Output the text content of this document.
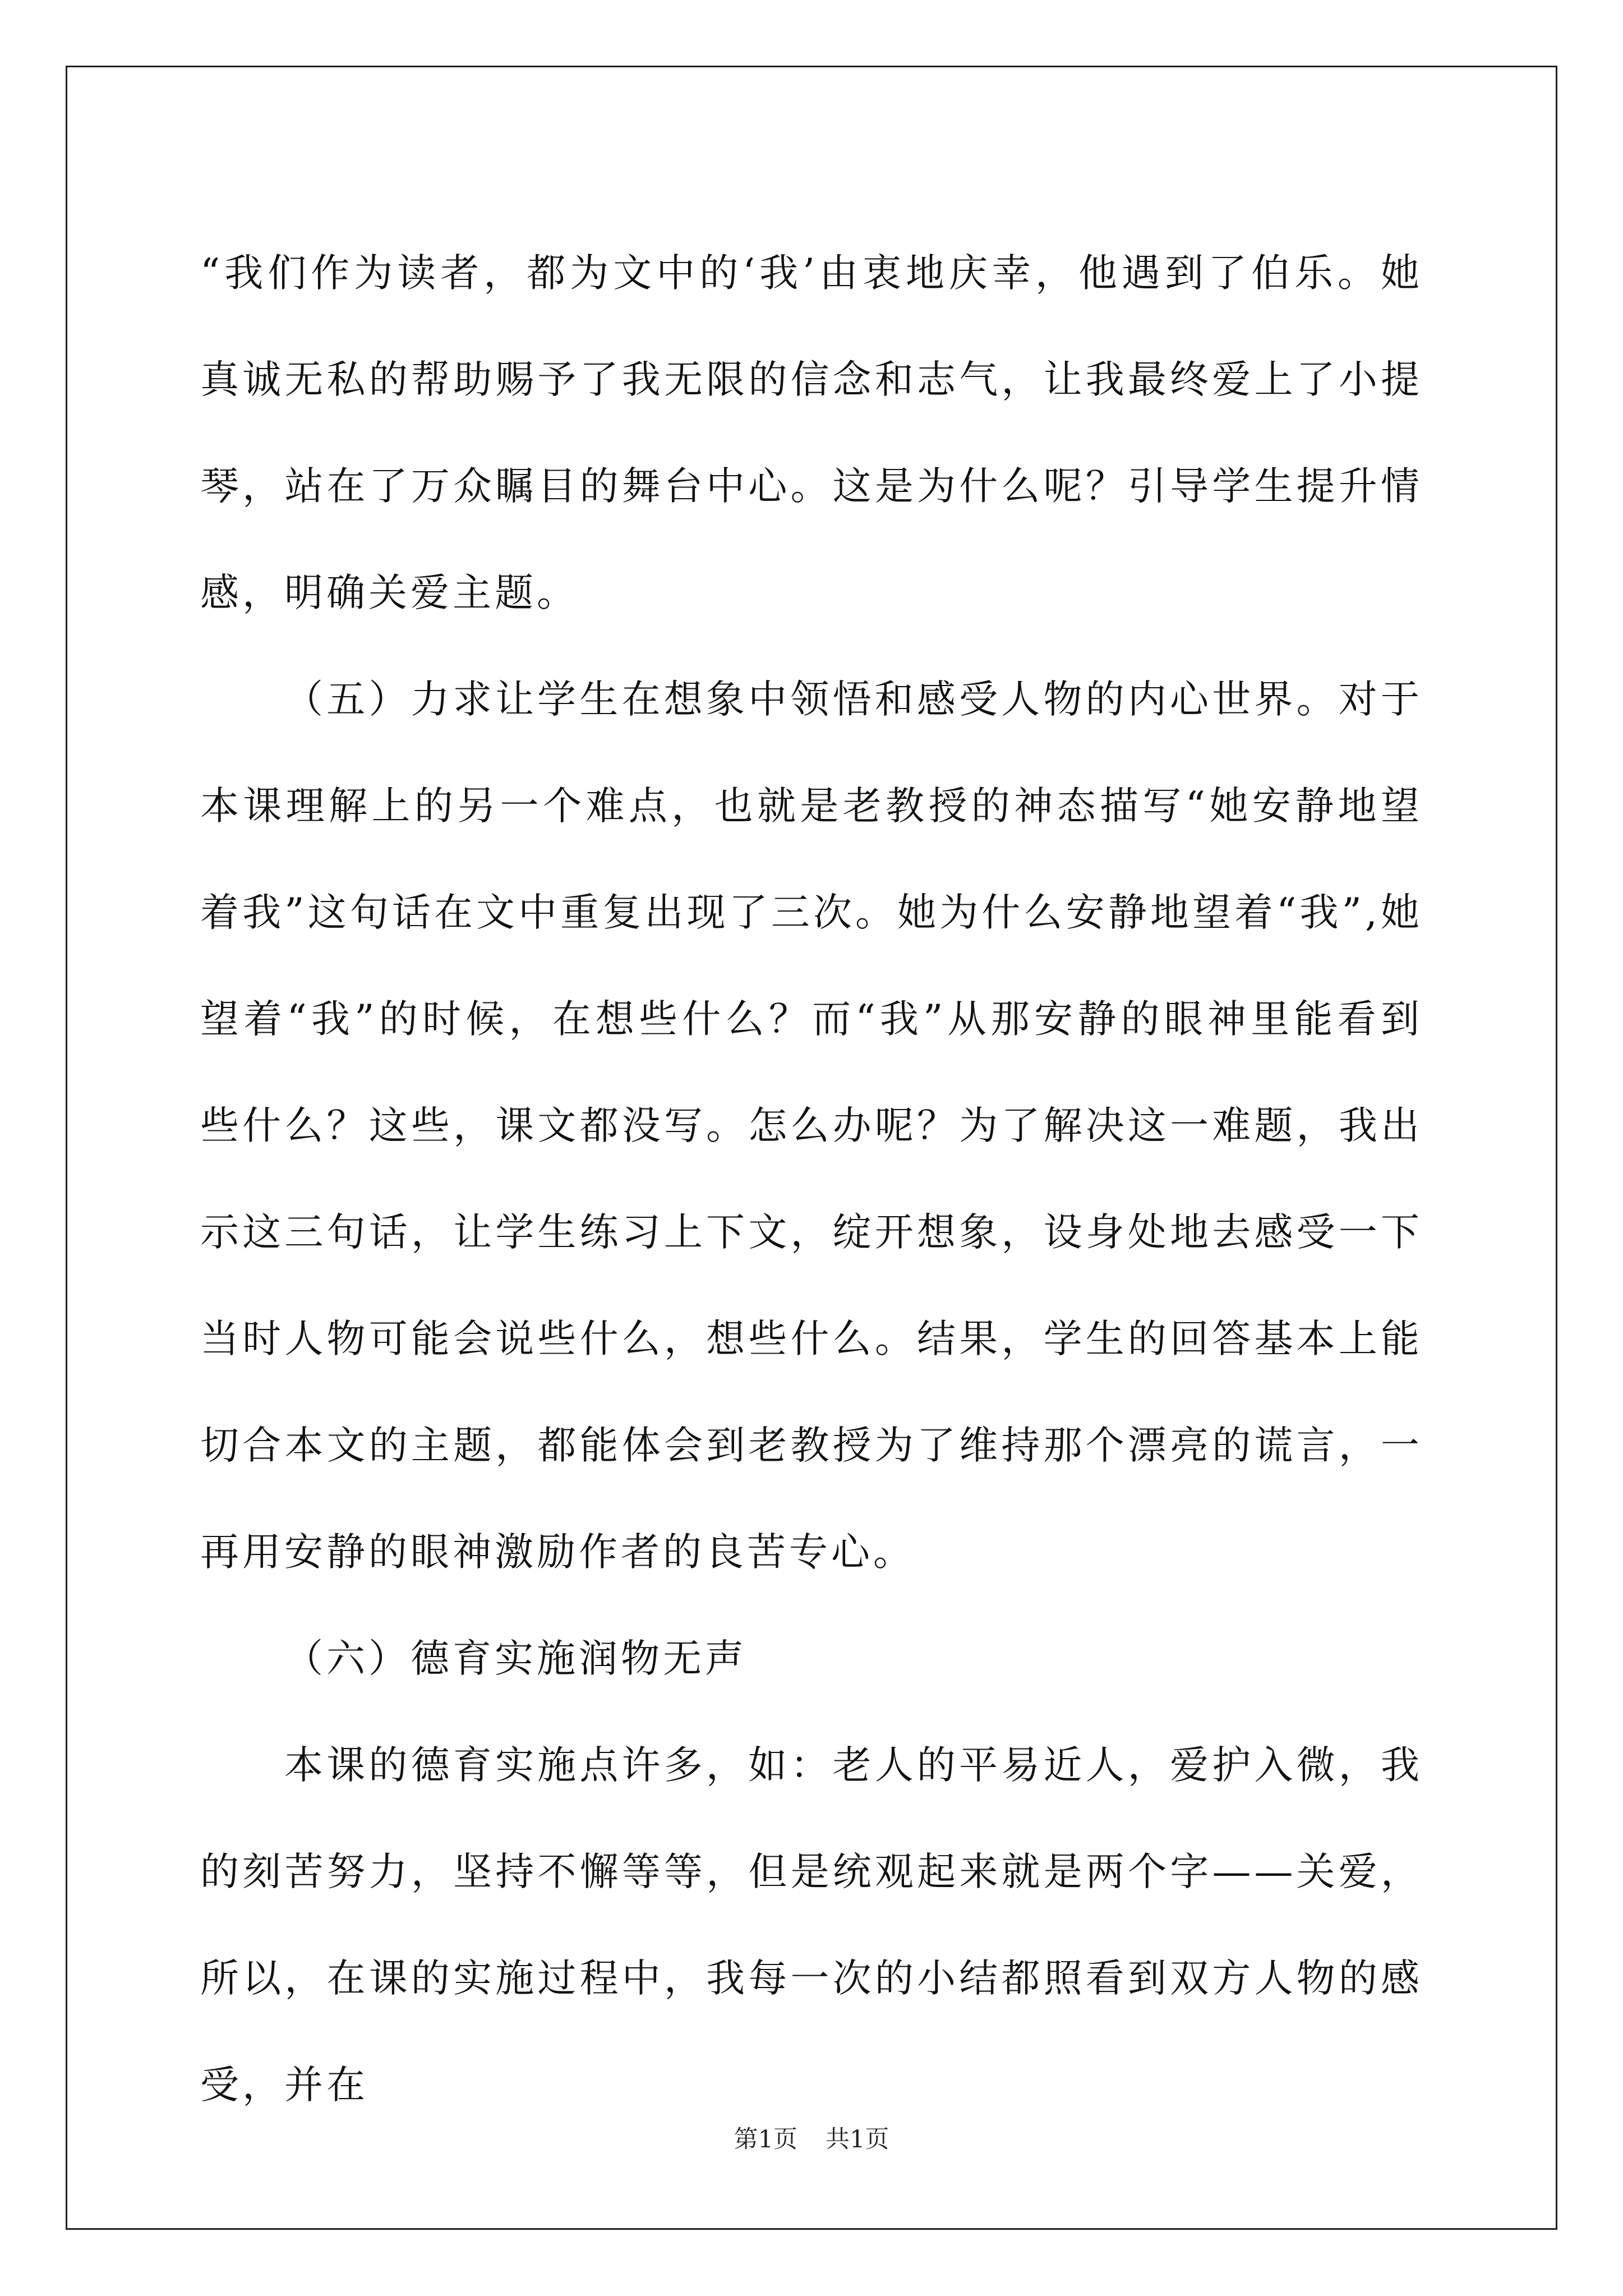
“我们作为读者，都为文中的‘我’由衷地庆幸，他遇到了伯乐。她真诚无私的帮助赐予了我无限的信念和志气，让我最终爱上了小提琴，站在了万众瞩目的舞台中心。这是为什么呢？引导学生提升情感，明确关爱主题。

（五）力求让学生在想象中领悟和感受人物的内心世界。对于本课理解上的另一个难点，也就是老教授的神态描写“她安静地望着我”这句话在文中重复出现了三次。她为什么安静地望着“我”,她望着“我”的时候，在想些什么？而“我”从那安静的眼神里能看到些什么？这些，课文都没写。怎么办呢？为了解决这一难题，我出示这三句话，让学生练习上下文，绽开想象，设身处地去感受一下当时人物可能会说些什么，想些什么。结果，学生的回答基本上能切合本文的主题，都能体会到老教授为了维持那个漂亮的谎言，一再用安静的眼神激励作者的良苦专心。

（六）德育实施润物无声

本课的德育实施点许多，如：老人的平易近人，爱护入微，我的刻苦努力，坚持不懈等等，但是统观起来就是两个字——关爱，所以，在课的实施过程中，我每一次的小结都照看到双方人物的感受，并在

第1页 共1页
